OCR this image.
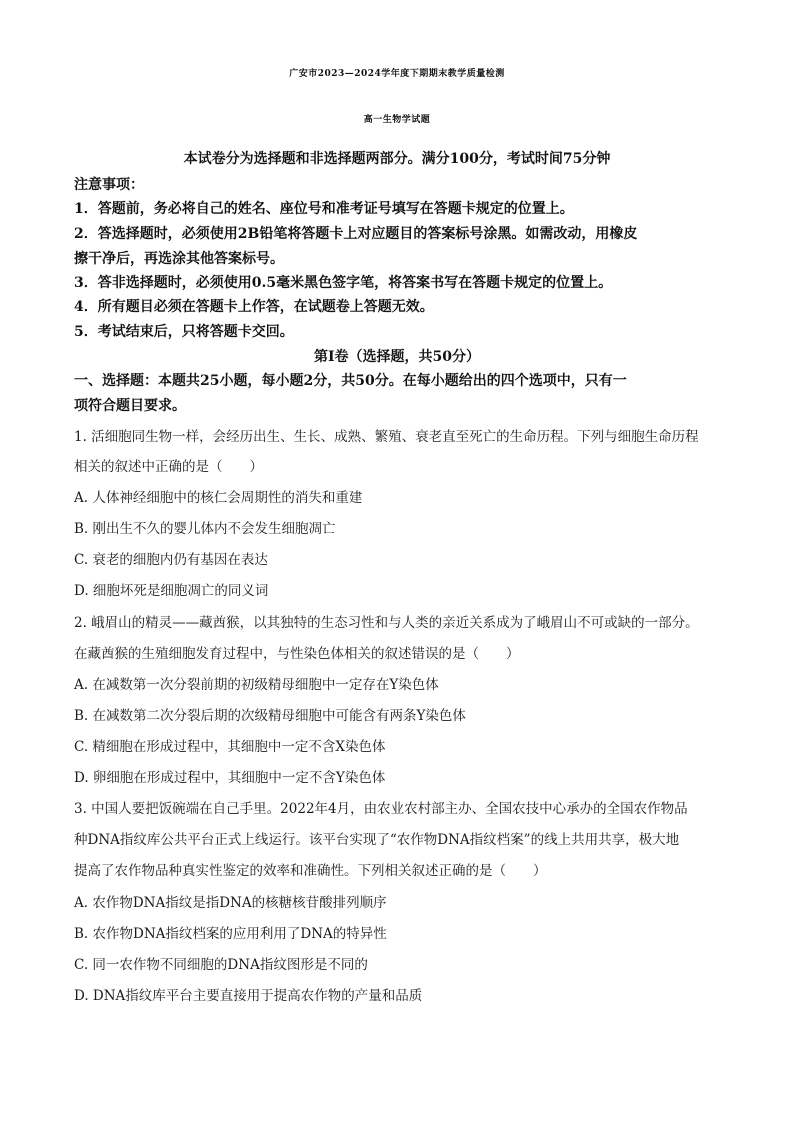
广安市2023—2024学年度下期期末教学质量检测
高一生物学试题
本试卷分为选择题和非选择题两部分。满分100分，考试时间75分钟
注意事项：
1．答题前，务必将自己的姓名、座位号和准考证号填写在答题卡规定的位置上。
2．答选择题时，必须使用2B铅笔将答题卡上对应题目的答案标号涂黑。如需改动，用橡皮
擦干净后，再选涂其他答案标号。
3．答非选择题时，必须使用0.5毫米黑色签字笔，将答案书写在答题卡规定的位置上。
4．所有题目必须在答题卡上作答，在试题卷上答题无效。
5．考试结束后，只将答题卡交回。
第Ⅰ卷（选择题，共50分）
一、选择题：本题共25小题，每小题2分，共50分。在每小题给出的四个选项中，只有一
项符合题目要求。
1. 活细胞同生物一样，会经历出生、生长、成熟、繁殖、衰老直至死亡的生命历程。下列与细胞生命历程
相关的叙述中正确的是（　　）
A. 人体神经细胞中的核仁会周期性的消失和重建
B. 刚出生不久的婴儿体内不会发生细胞凋亡
C. 衰老的细胞内仍有基因在表达
D. 细胞坏死是细胞凋亡的同义词
2. 峨眉山的精灵——藏酋猴，以其独特的生态习性和与人类的亲近关系成为了峨眉山不可或缺的一部分。
在藏酋猴的生殖细胞发育过程中，与性染色体相关的叙述错误的是（　　）
A. 在减数第一次分裂前期的初级精母细胞中一定存在Y染色体
B. 在减数第二次分裂后期的次级精母细胞中可能含有两条Y染色体
C. 精细胞在形成过程中，其细胞中一定不含X染色体
D. 卵细胞在形成过程中，其细胞中一定不含Y染色体
3. 中国人要把饭碗端在自己手里。2022年4月，由农业农村部主办、全国农技中心承办的全国农作物品
种DNA指纹库公共平台正式上线运行。该平台实现了“农作物DNA指纹档案”的线上共用共享，极大地
提高了农作物品种真实性鉴定的效率和准确性。下列相关叙述正确的是（　　）
A. 农作物DNA指纹是指DNA的核糖核苷酸排列顺序
B. 农作物DNA指纹档案的应用利用了DNA的特异性
C. 同一农作物不同细胞的DNA指纹图形是不同的
D. DNA指纹库平台主要直接用于提高农作物的产量和品质
